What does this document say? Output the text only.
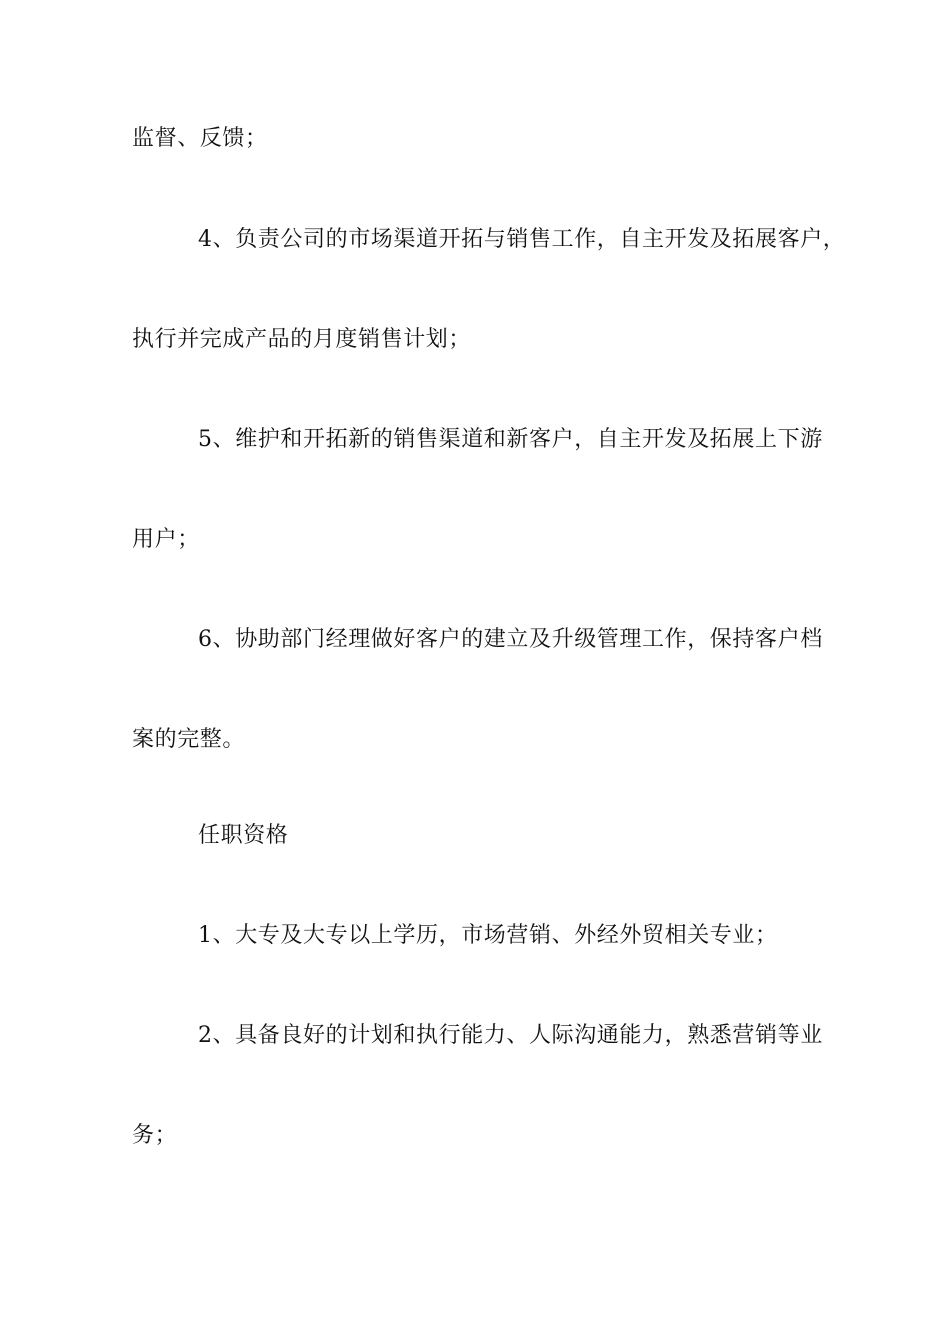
监督、反馈；
4、负责公司的市场渠道开拓与销售工作，自主开发及拓展客户，
执行并完成产品的月度销售计划；
5、维护和开拓新的销售渠道和新客户，自主开发及拓展上下游
用户；
6、协助部门经理做好客户的建立及升级管理工作，保持客户档
案的完整。
任职资格
1、大专及大专以上学历，市场营销、外经外贸相关专业；
2、具备良好的计划和执行能力、人际沟通能力，熟悉营销等业
务；
